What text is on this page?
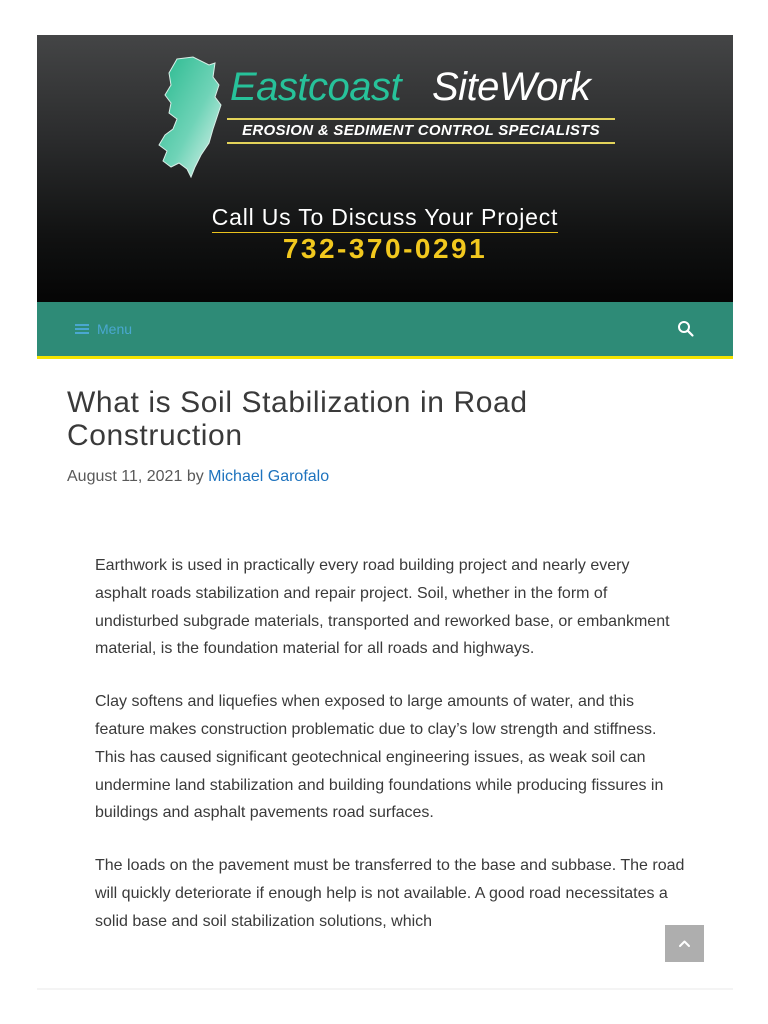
Eastcoast SiteWork
EROSION & SEDIMENT CONTROL SPECIALISTS
Call Us To Discuss Your Project
732-370-0291
Menu
What is Soil Stabilization in Road Construction
August 11, 2021 by Michael Garofalo

Earthwork is used in practically every road building project and nearly every asphalt roads stabilization and repair project. Soil, whether in the form of undisturbed subgrade materials, transported and reworked base, or embankment material, is the foundation material for all roads and highways.

Clay softens and liquefies when exposed to large amounts of water, and this feature makes construction problematic due to clay’s low strength and stiffness. This has caused significant geotechnical engineering issues, as weak soil can undermine land stabilization and building foundations while producing fissures in buildings and asphalt pavements road surfaces.

The loads on the pavement must be transferred to the base and subbase. The road will quickly deteriorate if enough help is not available. A good road necessitates a solid base and soil stabilization solutions, which
